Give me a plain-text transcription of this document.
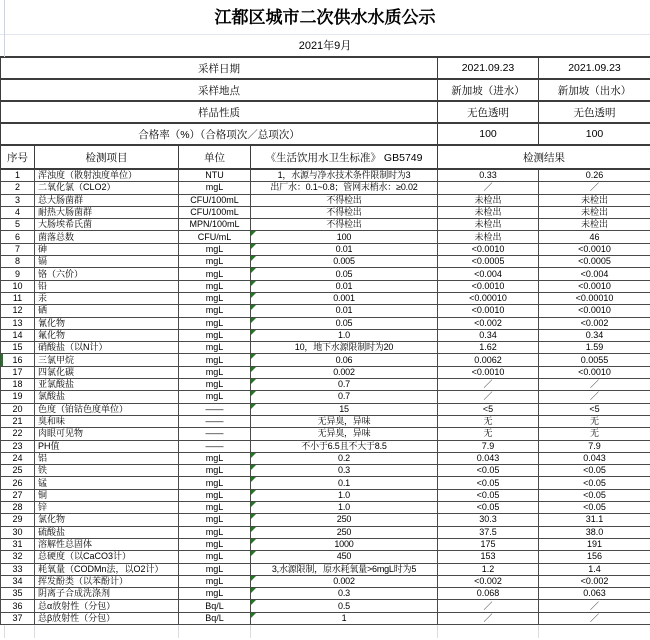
江都区城市二次供水水质公示
2021年9月
采样日期				2021.09.23	2021.09.23
采样地点				新加坡（进水）	新加坡（出水）
样品性质				无色透明	无色透明
合格率（%）（合格项次／总项次）				100	100
序号	检测项目	单位	《生活饮用水卫生标准》 GB5749	检测结果	
1	浑浊度（散射浊度单位）	NTU	1，水源与净水技术条件限制时为3	0.33	0.26
2	二氧化氯（CLO2）	mgL	出厂水：0.1~0.8；管网末梢水：≥0.02	／	／
3	总大肠菌群	CFU/100mL	不得检出	未检出	未检出
4	耐热大肠菌群	CFU/100mL	不得检出	未检出	未检出
5	大肠埃希氏菌	MPN/100mL	不得检出	未检出	未检出
6	菌落总数	CFU/mL	100	未检出	46
7	砷	mgL	0.01	<0.0010	<0.0010
8	镉	mgL	0.005	<0.0005	<0.0005
9	铬（六价）	mgL	0.05	<0.004	<0.004
10	铅	mgL	0.01	<0.0010	<0.0010
11	汞	mgL	0.001	<0.00010	<0.00010
12	硒	mgL	0.01	<0.0010	<0.0010
13	氰化物	mgL	0.05	<0.002	<0.002
14	氟化物	mgL	1.0	0.34	0.34
15	硝酸盐（以N计）	mgL	10，地下水源限制时为20	1.62	1.59
16	三氯甲烷	mgL	0.06	0.0062	0.0055
17	四氯化碳	mgL	0.002	<0.0010	<0.0010
18	亚氯酸盐	mgL	0.7	／	／
19	氯酸盐	mgL	0.7	／	／
20	色度（铂钴色度单位）	——	15	<5	<5
21	臭和味	——	无异臭，异味	无	无
22	肉眼可见物	——	无异臭，异味	无	无
23	PH值	——	不小于6.5且不大于8.5	7.9	7.9
24	铝	mgL	0.2	0.043	0.043
25	铁	mgL	0.3	<0.05	<0.05
26	锰	mgL	0.1	<0.05	<0.05
27	铜	mgL	1.0	<0.05	<0.05
28	锌	mgL	1.0	<0.05	<0.05
29	氯化物	mgL	250	30.3	31.1
30	硫酸盐	mgL	250	37.5	38.0
31	溶解性总固体	mgL	1000	175	191
32	总硬度（以CaCO3计）	mgL	450	153	156
33	耗氧量（CODMn法，以O2计）	mgL	3,水源限制，原水耗氧量>6mgL时为5	1.2	1.4
34	挥发酚类（以苯酚计）	mgL	0.002	<0.002	<0.002
35	阴离子合成洗涤剂	mgL	0.3	0.068	0.063
36	总α放射性（分包）	Bq/L	0.5	／	／
37	总β放射性（分包）	Bq/L	1	／	／
